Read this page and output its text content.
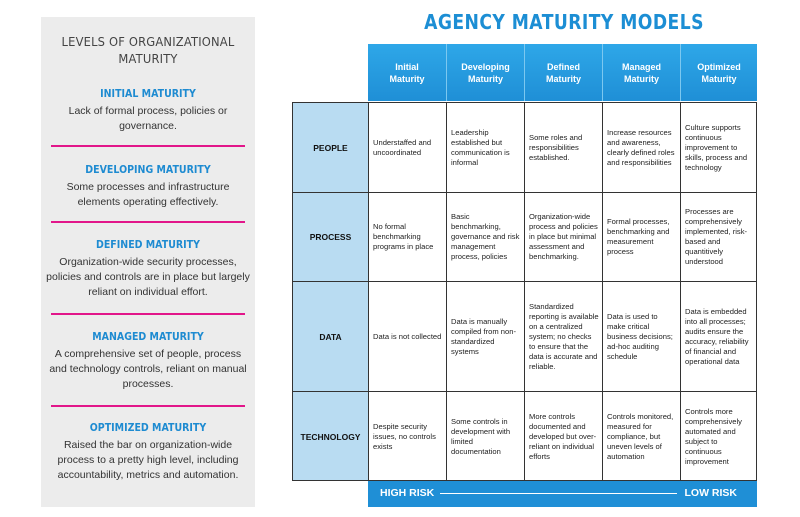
LEVELS OF ORGANIZATIONAL
MATURITY
INITIAL MATURITY
Lack of formal process, policies or governance.
DEVELOPING MATURITY
Some processes and infrastructure elements operating effectively.
DEFINED MATURITY
Organization-wide security processes, policies and controls are in place but largely reliant on individual effort.
MANAGED MATURITY
A comprehensive set of people, process and technology controls, reliant on manual processes.
OPTIMIZED MATURITY
Raised the bar on organization-wide process to a pretty high level, including accountability, metrics and automation.
AGENCY MATURITY MODELS
Initial
Maturity
Developing
Maturity
Defined
Maturity
Managed
Maturity
Optimized
Maturity
PEOPLE
Understaffed and uncoordinated
Leadership established but communication is informal
Some roles and responsibilities established.
Increase resources and awareness, clearly defined roles and responsibilities
Culture supports continuous improvement to skills, process and technology
PROCESS
No formal benchmarking programs in place
Basic benchmarking, governance and risk management process, policies
Organization-wide process and policies in place but minimal assessment and benchmarking.
Formal processes, benchmarking and measurement process
Processes are comprehensively implemented, risk-based and quantitively understood
DATA	Data is not collected
Data is manually compiled from non-standardized systems
Standardized reporting is available on a centralized system; no checks to ensure that the data is accurate and reliable.
Data is used to make critical business decisions; ad-hoc auditing schedule
Data is embedded into all processes; audits ensure the accuracy, reliability of financial and operational data
TECHNOLOGY
Despite security issues, no controls exists
Some controls in development with limited documentation
More controls documented and developed but over-reliant on individual efforts
Controls monitored, measured for compliance, but uneven levels of automation
Controls more comprehensively automated and subject to continuous improvement
HIGH RISK	LOW RISK
